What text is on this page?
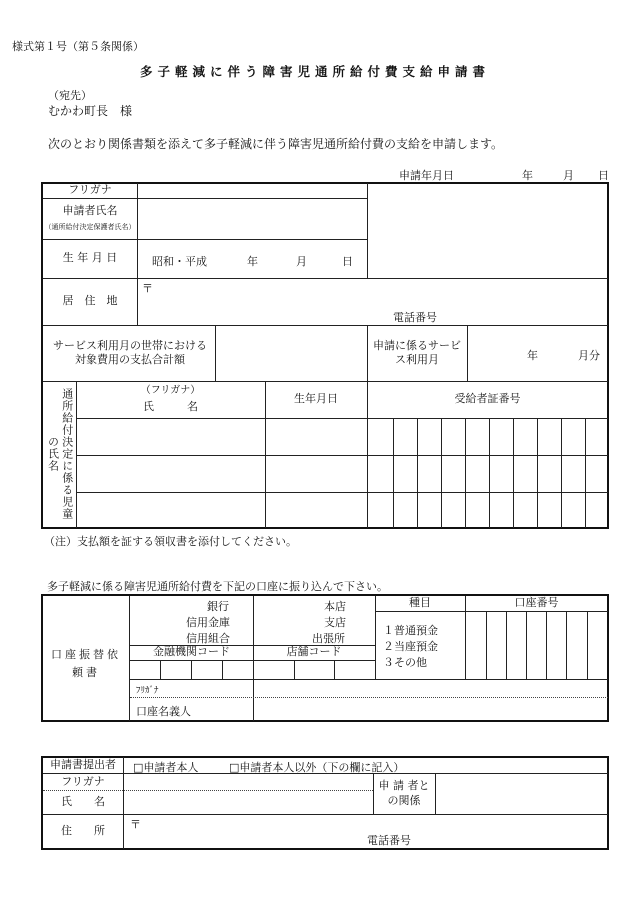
様式第１号（第５条関係）
多子軽減に伴う障害児通所給付費支給申請書
（宛先）
むかわ町長　様
次のとおり関係書類を添えて多子軽減に伴う障害児通所給付費の支給を申請します。
申請年月日	年	月 日
フリガナ
申請者氏名
（通所給付決定保護者氏名）
生 年 月 日	昭和・平成	年	月	日
居　住　地
〒
電話番号
サービス利用月の世帯における対象費用の支払合計額
申請に係るサービス利用月	年	月分
通所給付決定に係る児童の氏名
（フリガナ）
氏　　　名
生年月日	受給者証番号
（注）支払額を証する領収書を添付してください。
多子軽減に係る障害児通所給付費を下記の口座に振り込んで下さい。
口座振替依頼書
銀行
信用金庫
信用組合
本店
支店
出張所
金融機関コード	店舗コード
種目
１普通預金
２当座預金
３その他
口座番号
ﾌﾘｶﾞﾅ
口座名義人
申請書提出者	□申請者本人	□申請者本人以外（下の欄に記入）
フリガナ
氏　　名
申 請 者との関係
住　　所	〒
電話番号
